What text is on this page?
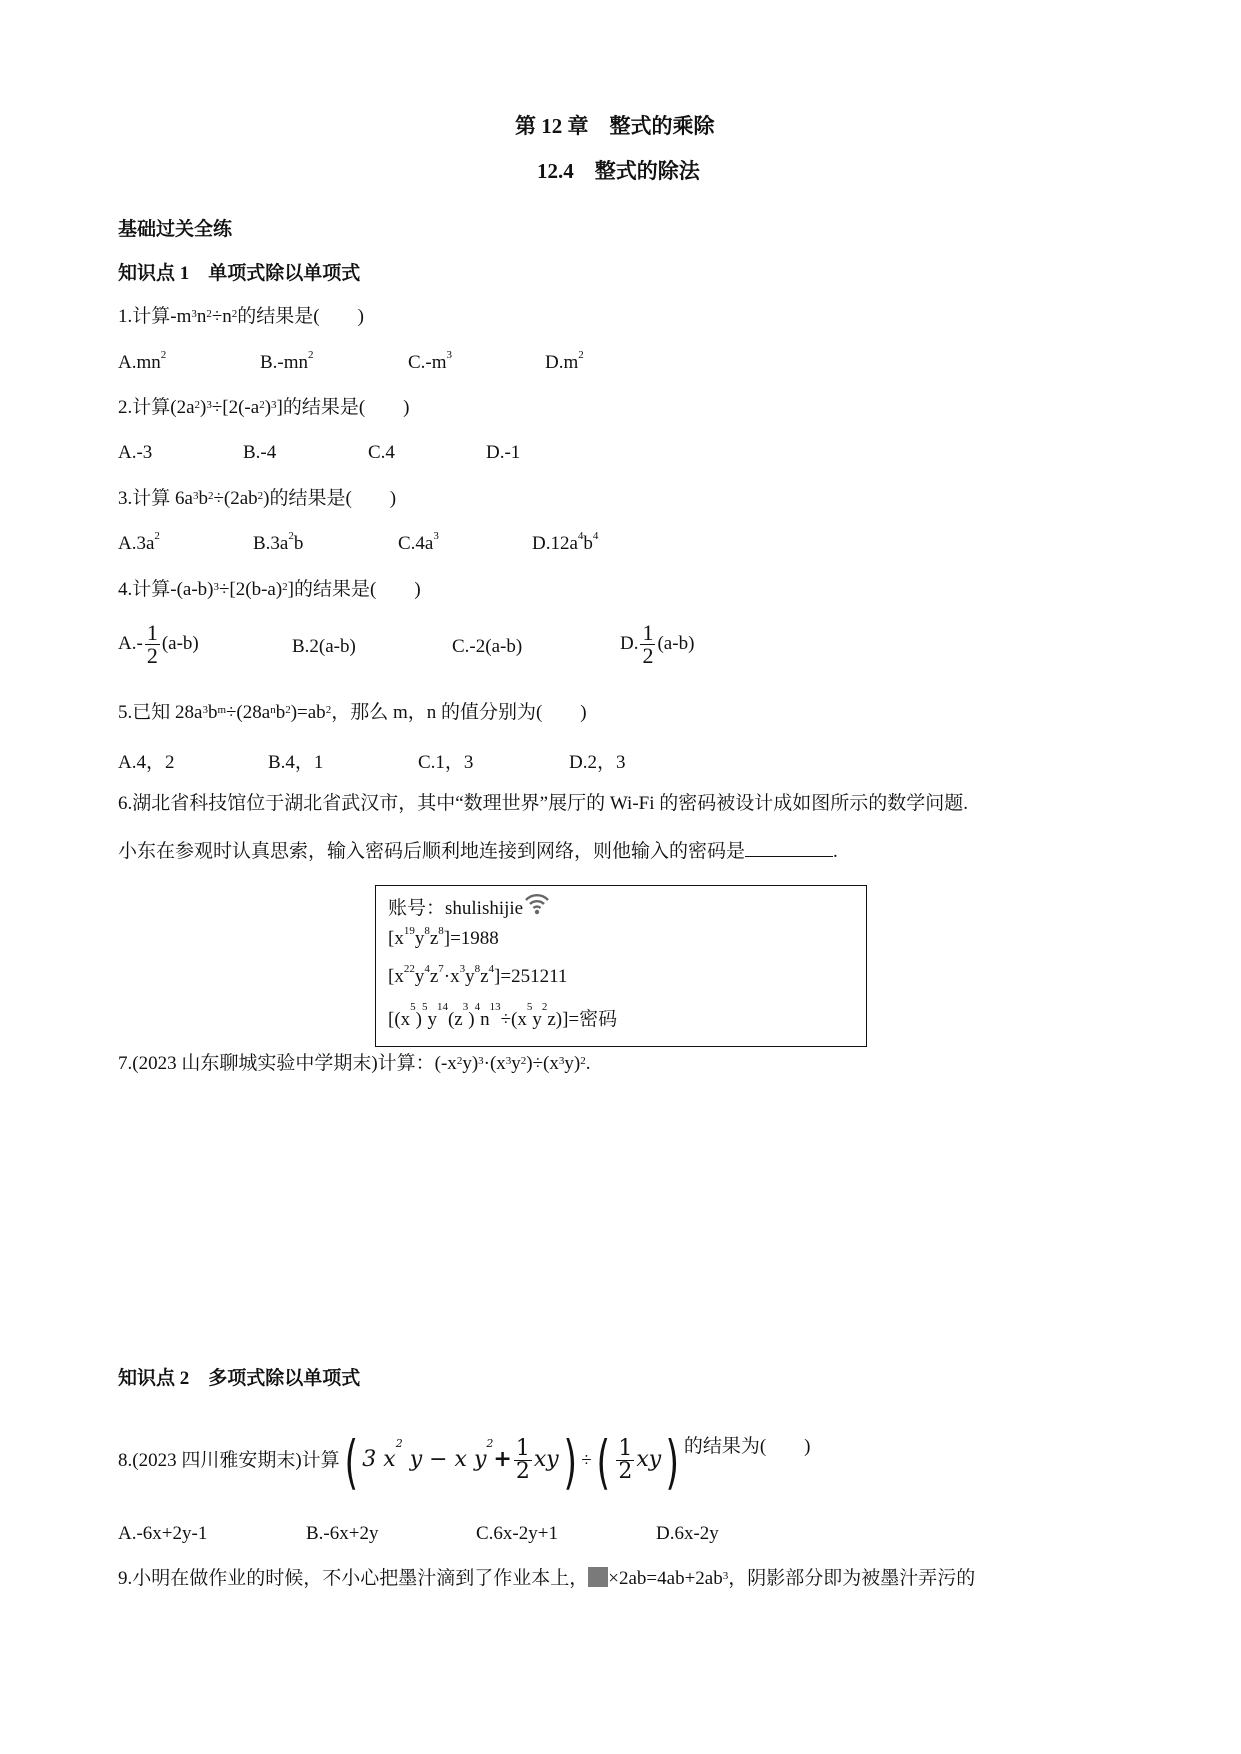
第 12 章　整式的乘除
12.4　整式的除法
基础过关全练
知识点 1　单项式除以单项式
1.计算$-m^3n^2\div n^2$的结果是(　　)
$A.mn^2$	$B.-mn^2$	$C.-m^3$	$D.m^2$
2.计算$(2a^2)^3\div[2(-a^2)^3]$的结果是(　　)
A.-3	B.-4	C.4	D.-1
3.计算 $6a^3b^2\div(2ab^2)$的结果是(　　)
$A.3a^2$	$B.3a^2b$	$C.4a^3$	$D.12a^4b^4$
4.计算$-(a-b)^3\div[2(b-a)^2]$的结果是(　　)
$A.- \frac{1}{2} (a-b)$	B.2(a-b)	C.-2(a-b)	D. $\frac{1}{2} (a-b)$
5.已知 $28a^3b^m\div(28a^nb^2)=ab^2$，那么 m，n 的值分别为(　　)
A.4，2	B.4，1	C.1，3	D.2，3
6.湖北省科技馆位于湖北省武汉市，其中“数理世界”展厅的 Wi-Fi 的密码被设计成如图所示的数学问题.
小东在参观时认真思索，输入密码后顺利地连接到网络，则他输入的密码是	.
账号：shulishijie
$[x^{19}y^8z^8]=1988$
$[x^{22}y^4z^7\cdot x^3y^8z^4]=251211$
$[(x^5)^5y^{14}(z^3)^4n^{13}\div(x^5y^2z)]=$密码
7.(2023 山东聊城实验中学期末)计算：$(-x^2y)^3\cdot(x^3y^2)\div(x^3y)^2$.
知识点 2　多项式除以单项式
8.(2023 四川雅安期末)计算( 3 $x^2$ y − x $y^2+ \frac{1}{2} xy$) ÷( $\frac{1}{2} xy$) 的结果为(　　)
A.-6x+2y-1	B.-6x+2y	C.6x-2y+1	D.6x-2y
9.小明在做作业的时候，不小心把墨汁滴到了作业本上， $\times 2ab=4ab+2ab^3$，阴影部分即为被墨汁弄污的
